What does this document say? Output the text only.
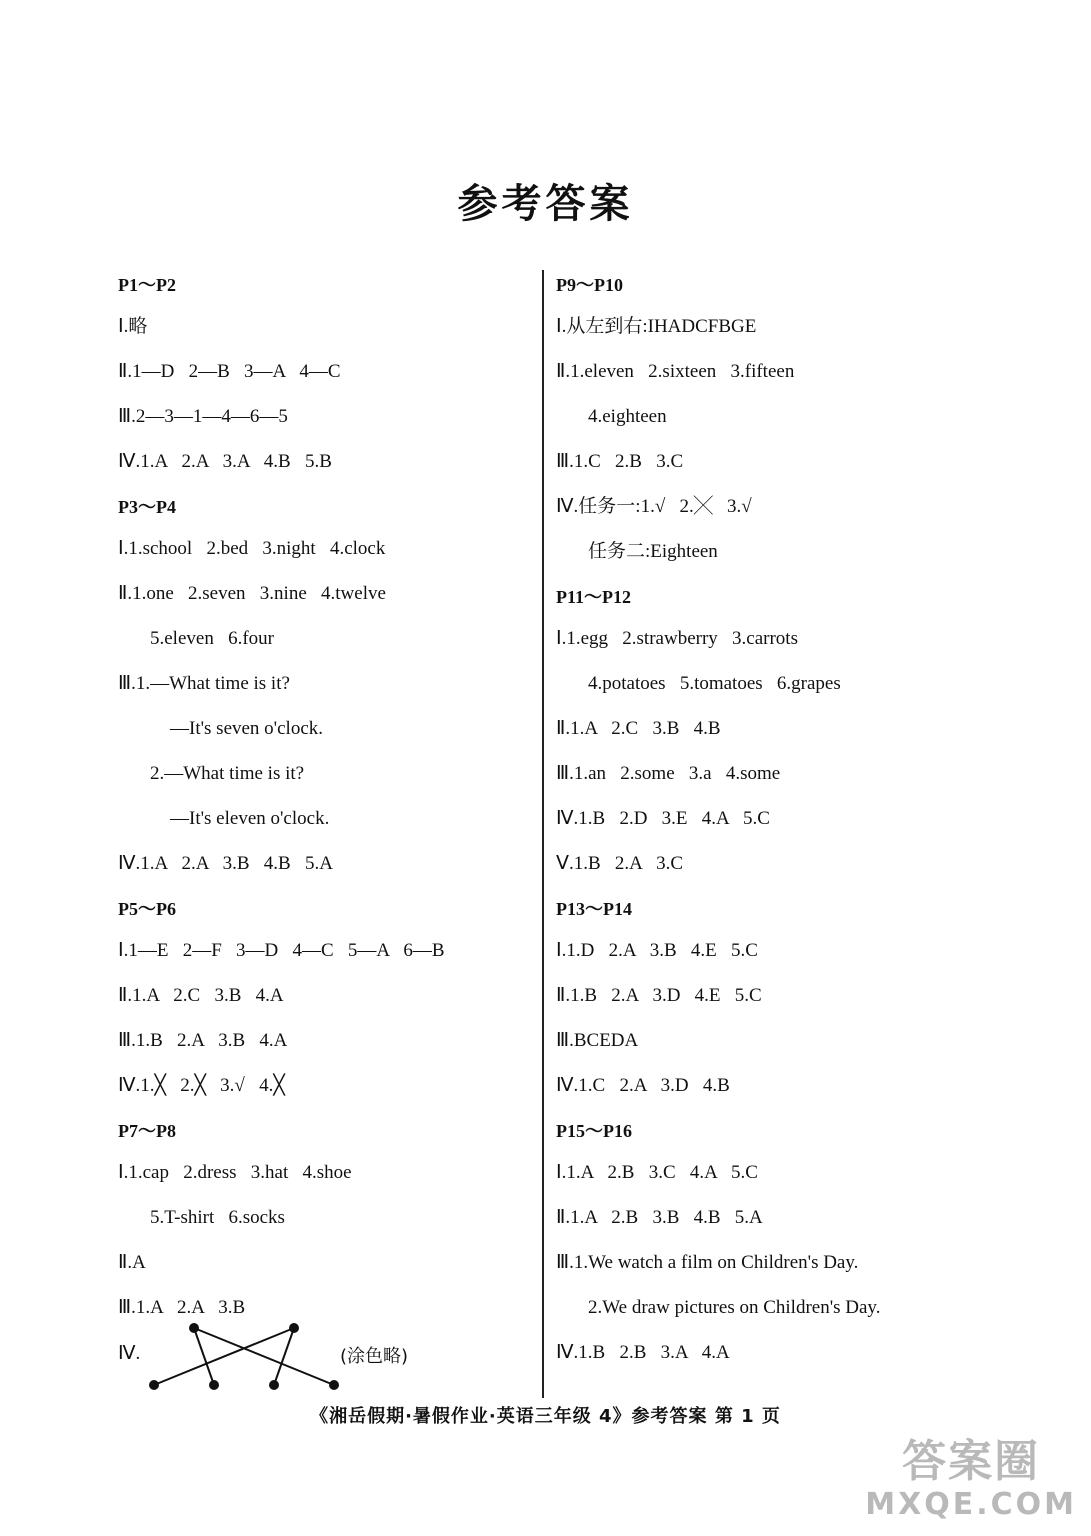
参考答案
P1～P2
Ⅰ.略
Ⅱ.1—D   2—B   3—A   4—C
Ⅲ.2—3—1—4—6—5
Ⅳ.1.A   2.A   3.A   4.B   5.B
P3～P4
Ⅰ.1.school   2.bed   3.night   4.clock
Ⅱ.1.one   2.seven   3.nine   4.twelve
5.eleven   6.four
Ⅲ.1.—What time is it?
—It's seven o'clock.
2.—What time is it?
—It's eleven o'clock.
Ⅳ.1.A   2.A   3.B   4.B   5.A
P5～P6
Ⅰ.1—E   2—F   3—D   4—C   5—A   6—B
Ⅱ.1.A   2.C   3.B   4.A
Ⅲ.1.B   2.A   3.B   4.A
Ⅳ.1.╳   2.╳   3.√   4.╳
P7～P8
Ⅰ.1.cap   2.dress   3.hat   4.shoe
5.T-shirt   6.socks
Ⅱ.A
Ⅲ.1.A   2.A   3.B
Ⅳ.	(涂色略)
P9～P10
Ⅰ.从左到右:IHADCFBGE
Ⅱ.1.eleven   2.sixteen   3.fifteen
4.eighteen
Ⅲ.1.C   2.B   3.C
Ⅳ.任务一:1.√   2.╳   3.√
任务二:Eighteen
P11～P12
Ⅰ.1.egg   2.strawberry   3.carrots
4.potatoes   5.tomatoes   6.grapes
Ⅱ.1.A   2.C   3.B   4.B
Ⅲ.1.an   2.some   3.a   4.some
Ⅳ.1.B   2.D   3.E   4.A   5.C
Ⅴ.1.B   2.A   3.C
P13～P14
Ⅰ.1.D   2.A   3.B   4.E   5.C
Ⅱ.1.B   2.A   3.D   4.E   5.C
Ⅲ.BCEDA
Ⅳ.1.C   2.A   3.D   4.B
P15～P16
Ⅰ.1.A   2.B   3.C   4.A   5.C
Ⅱ.1.A   2.B   3.B   4.B   5.A
Ⅲ.1.We watch a film on Children's Day.
2.We draw pictures on Children's Day.
Ⅳ.1.B   2.B   3.A   4.A
《湘岳假期·暑假作业·英语三年级 4》参考答案 第 1 页
答案圈
MXQE.COM
